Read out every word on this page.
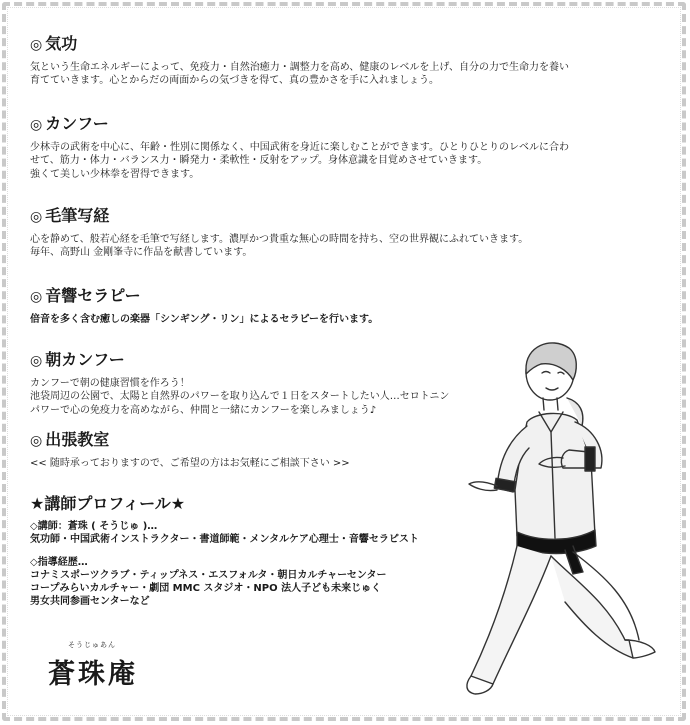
◎ 気功
気という生命エネルギーによって、免疫力・自然治癒力・調整力を高め、健康のレベルを上げ、自分の力で生命力を養い
育てていきます。心とからだの両面からの気づきを得て、真の豊かさを手に入れましょう。
◎ カンフー
少林寺の武術を中心に、年齢・性別に関係なく、中国武術を身近に楽しむことができます。ひとりひとりのレベルに合わ
せて、筋力・体力・バランス力・瞬発力・柔軟性・反射をアップ。身体意識を目覚めさせていきます。
強くて美しい少林拳を習得できます。
◎ 毛筆写経
心を静めて、般若心経を毛筆で写経します。濃厚かつ貴重な無心の時間を持ち、空の世界観にふれていきます。
毎年、高野山 金剛峯寺に作品を献書しています。
◎ 音響セラピー
倍音を多く含む癒しの楽器「シンギング・リン」によるセラピーを行います。
◎ 朝カンフー
カンフーで朝の健康習慣を作ろう！
池袋周辺の公園で、太陽と自然界のパワーを取り込んで１日をスタートしたい人…セロトニン
パワーで心の免疫力を高めながら、仲間と一緒にカンフーを楽しみましょう♪
◎ 出張教室
<< 随時承っておりますので、ご希望の方はお気軽にご相談下さい >>
★講師プロフィール★
◇講師：蒼珠 ( そうじゅ )…
気功師・中国武術インストラクター・書道師範・メンタルケア心理士・音響セラピスト
◇指導経歴…
コナミスポーツクラブ・ティップネス・エスフォルタ・朝日カルチャーセンター
コープみらいカルチャー・劇団 MMC スタジオ・NPO 法人子ども未来じゅく
男女共同参画センターなど
そうじゅあん
蒼珠庵
